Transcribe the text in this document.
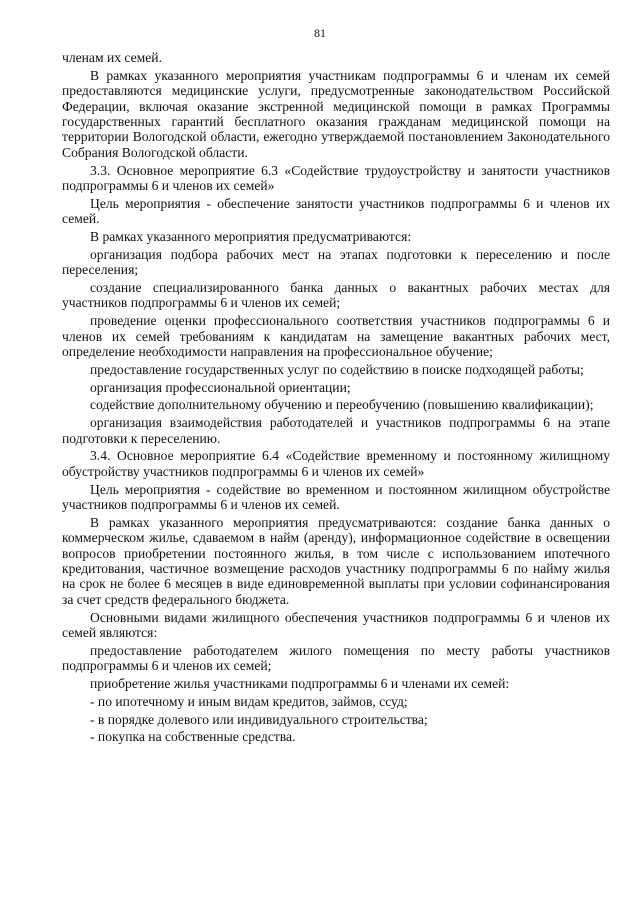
81

членам их семей.

В рамках указанного мероприятия участникам подпрограммы 6 и членам их семей предоставляются медицинские услуги, предусмотренные законодательством Российской Федерации, включая оказание экстренной медицинской помощи в рамках Программы государственных гарантий бесплатного оказания гражданам медицинской помощи на территории Вологодской области, ежегодно утверждаемой постановлением Законодательного Собрания Вологодской области.

3.3. Основное мероприятие 6.3 «Содействие трудоустройству и занятости участников подпрограммы 6 и членов их семей»

Цель мероприятия - обеспечение занятости участников подпрограммы 6 и членов их семей.

В рамках указанного мероприятия предусматриваются:

организация подбора рабочих мест на этапах подготовки к переселению и после переселения;

создание специализированного банка данных о вакантных рабочих местах для участников подпрограммы 6 и членов их семей;

проведение оценки профессионального соответствия участников подпрограммы 6 и членов их семей требованиям к кандидатам на замещение вакантных рабочих мест, определение необходимости направления на профессиональное обучение;

предоставление государственных услуг по содействию в поиске подходящей работы;

организация профессиональной ориентации;

содействие дополнительному обучению и переобучению (повышению квалификации);

организация взаимодействия работодателей и участников подпрограммы 6 на этапе подготовки к переселению.

3.4. Основное мероприятие 6.4 «Содействие временному и постоянному жилищному обустройству участников подпрограммы 6 и членов их семей»

Цель мероприятия - содействие во временном и постоянном жилищном обустройстве участников подпрограммы 6 и членов их семей.

В рамках указанного мероприятия предусматриваются: создание банка данных о коммерческом жилье, сдаваемом в найм (аренду), информационное содействие в освещении вопросов приобретении постоянного жилья, в том числе с использованием ипотечного кредитования, частичное возмещение расходов участнику подпрограммы 6 по найму жилья на срок не более 6 месяцев в виде единовременной выплаты при условии софинансирования за счет средств федерального бюджета.

Основными видами жилищного обеспечения участников подпрограммы 6 и членов их семей являются:

предоставление работодателем жилого помещения по месту работы участников подпрограммы 6 и членов их семей;

приобретение жилья участниками подпрограммы 6 и членами их семей:

- по ипотечному и иным видам кредитов, займов, ссуд;

- в порядке долевого или индивидуального строительства;

- покупка на собственные средства.
